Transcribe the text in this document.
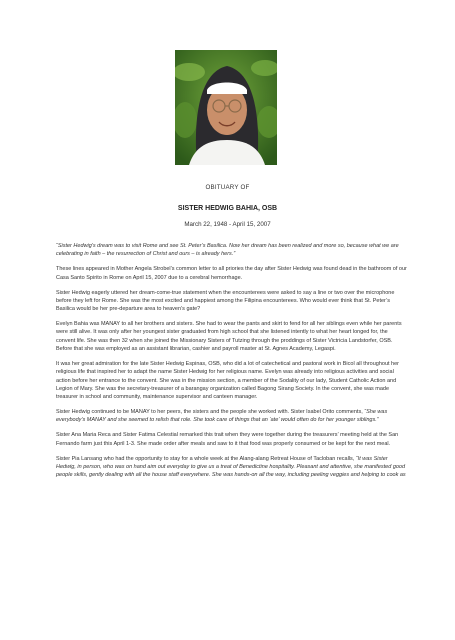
OBITUARY OF
SISTER HEDWIG BAHIA, OSB
March 22, 1948 - April 15, 2007

“Sister Hedwig’s dream was to visit Rome and see St. Peter’s Basilica. Now her dream has been realized and more so, because what we are celebrating in faith – the resurrection of Christ and ours – is already hers.”

These lines appeared in Mother Angela Strobel’s common letter to all priories the day after Sister Hedwig was found dead in the bathroom of our Casa Santo Spirito in Rome on April 15, 2007 due to a cerebral hemorrhage.

Sister Hedwig eagerly uttered her dream-come-true statement when the encounterees were asked to say a line or two over the microphone before they left for Rome. She was the most excited and happiest among the Filipina encounterees. Who would ever think that St. Peter’s Basilica would be her pre-departure area to heaven’s gate?

Evelyn Bahia was MANAY to all her brothers and sisters. She had to wear the pants and skirt to fend for all her siblings even while her parents were still alive. It was only after her youngest sister graduated from high school that she listened intently to what her heart longed for, the convent life. She was then 32 when she joined the Missionary Sisters of Tutzing through the proddings of Sister Victricia Landstorfer, OSB. Before that she was employed as an assistant librarian, cashier and payroll master at St. Agnes Academy, Legaspi.

It was her great admiration for the late Sister Hedwig Espinas, OSB, who did a lot of catechetical and pastoral work in Bicol all throughout her religious life that inspired her to adapt the name Sister Hedwig for her religious name. Evelyn was already into religious activities and social action before her entrance to the convent. She was in the mission section, a member of the Sodality of our lady, Student Catholic Action and Legion of Mary. She was the secretary-treasurer of a barangay organization called Bagong Sirang Society. In the convent, she was made treasurer in school and community, maintenance supervisor and canteen manager.

Sister Hedwig continued to be MANAY to her peers, the sisters and the people she worked with. Sister Isabel Orito comments, “She was everybody’s MANAY and she seemed to relish that role. She took care of things that an ‘ate’ would often do for her younger siblings.”

Sister Ana Maria Reca and Sister Fatima Celestial remarked this trait when they were together during the treasurers’ meeting held at the San Fernando farm just this April 1-3. She made order after meals and saw to it that food was properly consumed or be kept for the next meal.

Sister Pia Lansang who had the opportunity to stay for a whole week at the Alang-alang Retreat House of Tacloban recalls, “It was Sister Hedwig, in person, who was on hand aim out everyday to give us a treat of Benedictine hospitality. Pleasant and attentive, she manifested good people skills, gently dealing with all the house staff everywhere. She was hands-on all the way, including peeling veggies and helping to cook as
